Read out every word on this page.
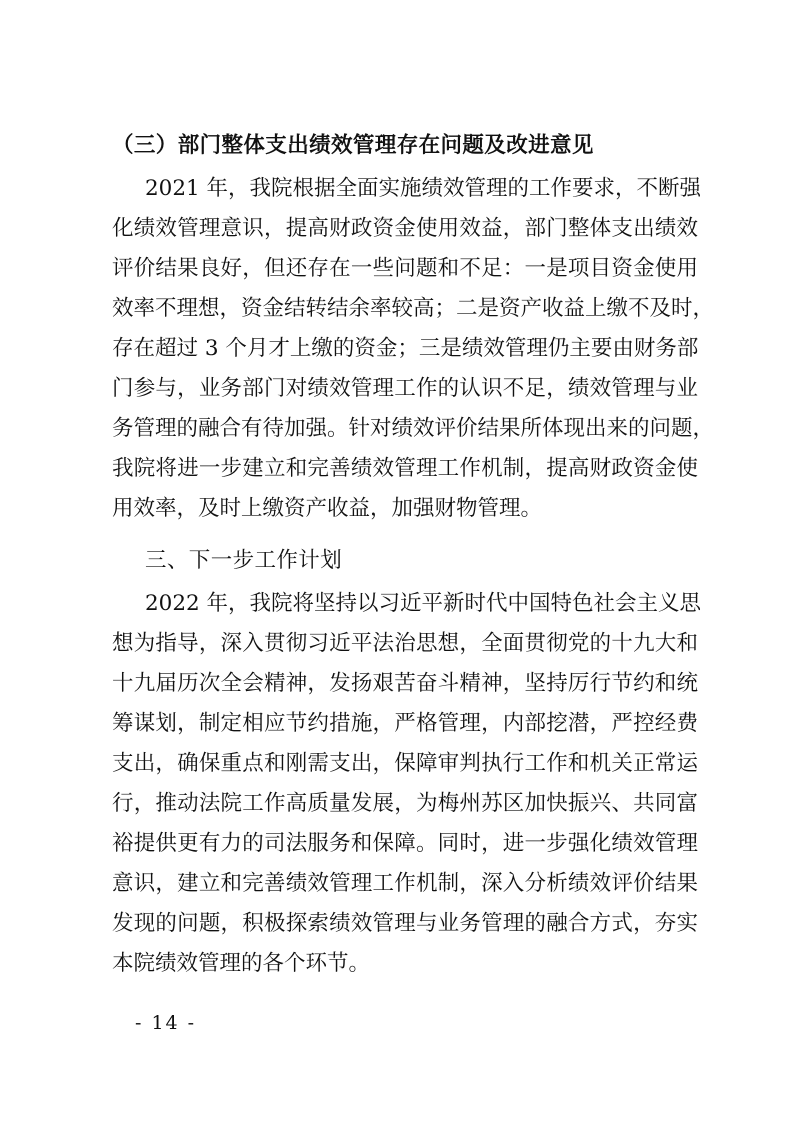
（三）部门整体支出绩效管理存在问题及改进意见
2021 年，我院根据全面实施绩效管理的工作要求，不断强
化绩效管理意识，提高财政资金使用效益，部门整体支出绩效
评价结果良好，但还存在一些问题和不足：一是项目资金使用
效率不理想，资金结转结余率较高；二是资产收益上缴不及时，
存在超过 3 个月才上缴的资金；三是绩效管理仍主要由财务部
门参与，业务部门对绩效管理工作的认识不足，绩效管理与业
务管理的融合有待加强。针对绩效评价结果所体现出来的问题，
我院将进一步建立和完善绩效管理工作机制，提高财政资金使
用效率，及时上缴资产收益，加强财物管理。
三、下一步工作计划
2022 年，我院将坚持以习近平新时代中国特色社会主义思
想为指导，深入贯彻习近平法治思想，全面贯彻党的十九大和
十九届历次全会精神，发扬艰苦奋斗精神，坚持厉行节约和统
筹谋划，制定相应节约措施，严格管理，内部挖潜，严控经费
支出，确保重点和刚需支出，保障审判执行工作和机关正常运
行，推动法院工作高质量发展，为梅州苏区加快振兴、共同富
裕提供更有力的司法服务和保障。同时，进一步强化绩效管理
意识，建立和完善绩效管理工作机制，深入分析绩效评价结果
发现的问题，积极探索绩效管理与业务管理的融合方式，夯实
本院绩效管理的各个环节。
- 14 -
